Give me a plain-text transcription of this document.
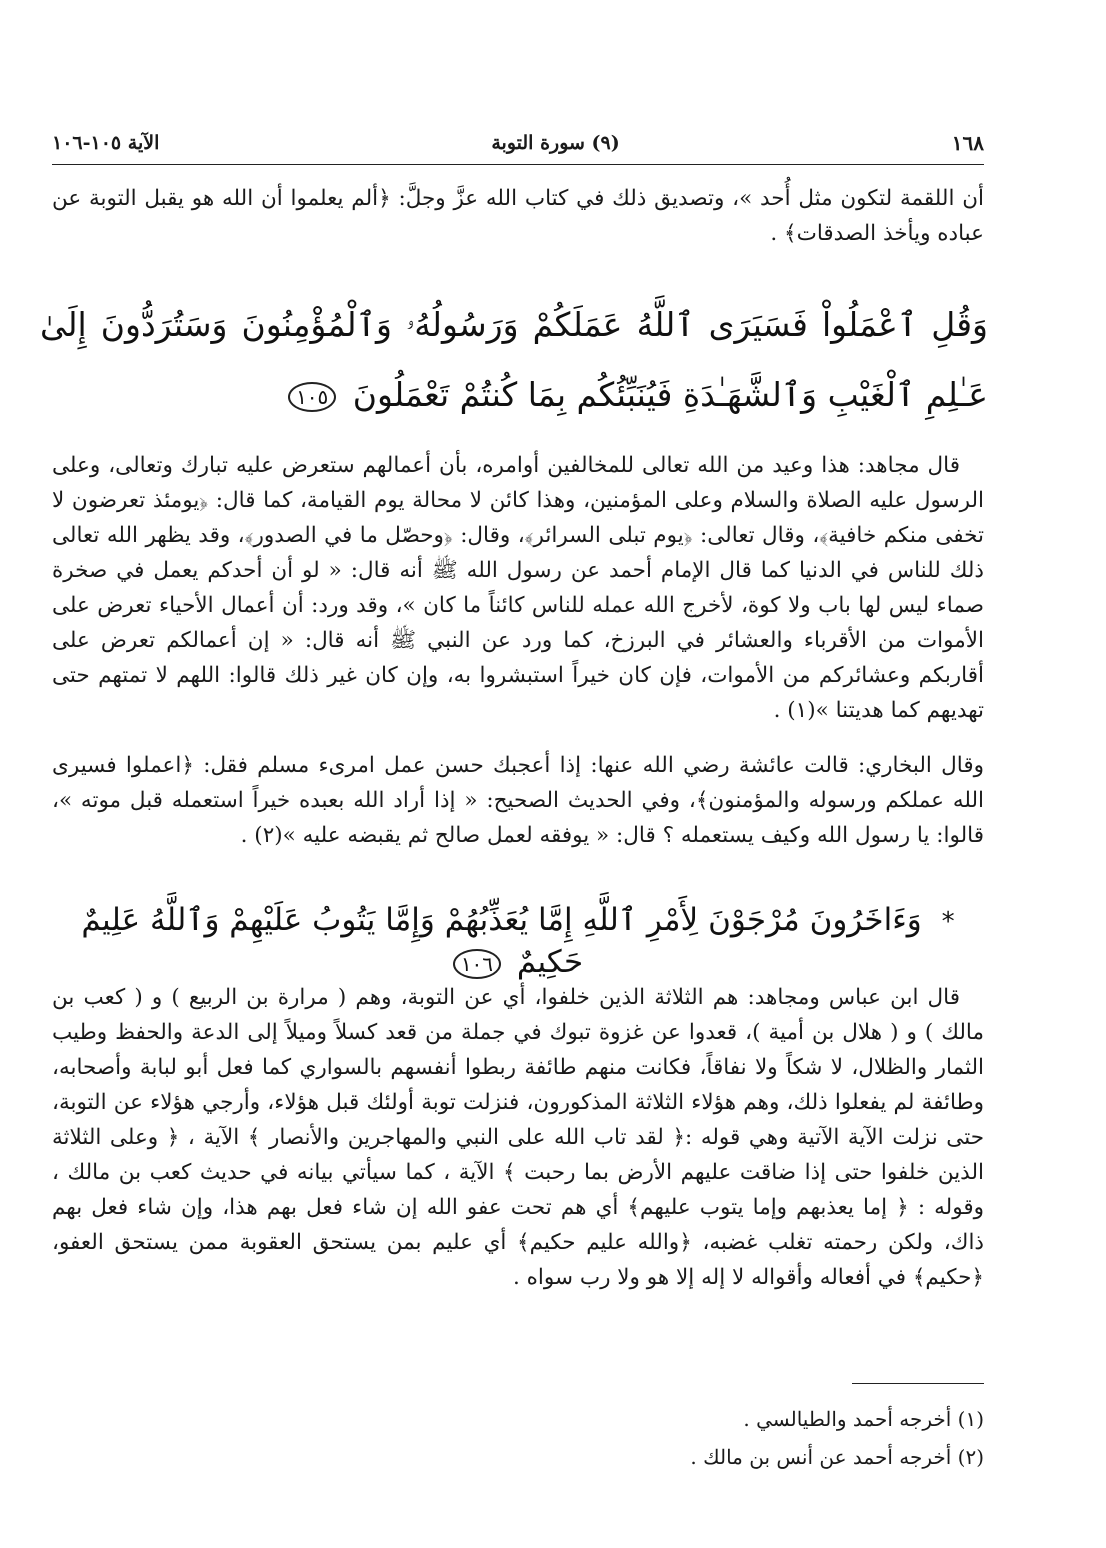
١٦٨
(٩) سورة التوبة
الآية ١٠٥-١٠٦
أن اللقمة لتكون مثل أُحد »، وتصديق ذلك في كتاب الله عزَّ وجلَّ: ﴿ألم يعلموا أن الله هو يقبل التوبة عن عباده ويأخذ الصدقات﴾ .
وَقُلِ ٱعْمَلُواْ فَسَيَرَى ٱللَّهُ عَمَلَكُمْ وَرَسُولُهُۥ وَٱلْمُؤْمِنُونَ وَسَتُرَدُّونَ إِلَىٰ عَـٰلِمِ ٱلْغَيْبِ وَٱلشَّهَـٰدَةِ فَيُنَبِّئُكُم بِمَا كُنتُمْ تَعْمَلُونَ ١٠٥
قال مجاهد: هذا وعيد من الله تعالى للمخالفين أوامره، بأن أعمالهم ستعرض عليه تبارك وتعالى، وعلى الرسول عليه الصلاة والسلام وعلى المؤمنين، وهذا كائن لا محالة يوم القيامة، كما قال: ﴿يومئذ تعرضون لا تخفى منكم خافية﴾، وقال تعالى: ﴿يوم تبلى السرائر﴾، وقال: ﴿وحصّل ما في الصدور﴾، وقد يظهر الله تعالى ذلك للناس في الدنيا كما قال الإمام أحمد عن رسول الله ﷺ أنه قال: « لو أن أحدكم يعمل في صخرة صماء ليس لها باب ولا كوة، لأخرج الله عمله للناس كائناً ما كان »، وقد ورد: أن أعمال الأحياء تعرض على الأموات من الأقرباء والعشائر في البرزخ، كما ورد عن النبي ﷺ أنه قال: « إن أعمالكم تعرض على أقاربكم وعشائركم من الأموات، فإن كان خيراً استبشروا به، وإن كان غير ذلك قالوا: اللهم لا تمتهم حتى تهديهم كما هديتنا »(١) .
وقال البخاري: قالت عائشة رضي الله عنها: إذا أعجبك حسن عمل امرىء مسلم فقل: ﴿اعملوا فسيرى الله عملكم ورسوله والمؤمنون﴾، وفي الحديث الصحيح: « إذا أراد الله بعبده خيراً استعمله قبل موته »، قالوا: يا رسول الله وكيف يستعمله ؟ قال: « يوفقه لعمل صالح ثم يقبضه عليه »(٢) .
* وَءَاخَرُونَ مُرْجَوْنَ لِأَمْرِ ٱللَّهِ إِمَّا يُعَذِّبُهُمْ وَإِمَّا يَتُوبُ عَلَيْهِمْ وَٱللَّهُ عَلِيمٌ حَكِيمٌ ١٠٦
قال ابن عباس ومجاهد: هم الثلاثة الذين خلفوا، أي عن التوبة، وهم ( مرارة بن الربيع ) و ( كعب بن مالك ) و ( هلال بن أمية )، قعدوا عن غزوة تبوك في جملة من قعد كسلاً وميلاً إلى الدعة والحفظ وطيب الثمار والظلال، لا شكاً ولا نفاقاً، فكانت منهم طائفة ربطوا أنفسهم بالسواري كما فعل أبو لبابة وأصحابه، وطائفة لم يفعلوا ذلك، وهم هؤلاء الثلاثة المذكورون، فنزلت توبة أولئك قبل هؤلاء، وأرجي هؤلاء عن التوبة، حتى نزلت الآية الآتية وهي قوله :﴿ لقد تاب الله على النبي والمهاجرين والأنصار ﴾ الآية ، ﴿ وعلى الثلاثة الذين خلفوا حتى إذا ضاقت عليهم الأرض بما رحبت ﴾ الآية ، كما سيأتي بيانه في حديث كعب بن مالك ، وقوله : ﴿ إما يعذبهم وإما يتوب عليهم﴾ أي هم تحت عفو الله إن شاء فعل بهم هذا، وإن شاء فعل بهم ذاك، ولكن رحمته تغلب غضبه، ﴿والله عليم حكيم﴾ أي عليم بمن يستحق العقوبة ممن يستحق العفو، ﴿حكيم﴾ في أفعاله وأقواله لا إله إلا هو ولا رب سواه .
(١) أخرجه أحمد والطيالسي .
(٢) أخرجه أحمد عن أنس بن مالك .
